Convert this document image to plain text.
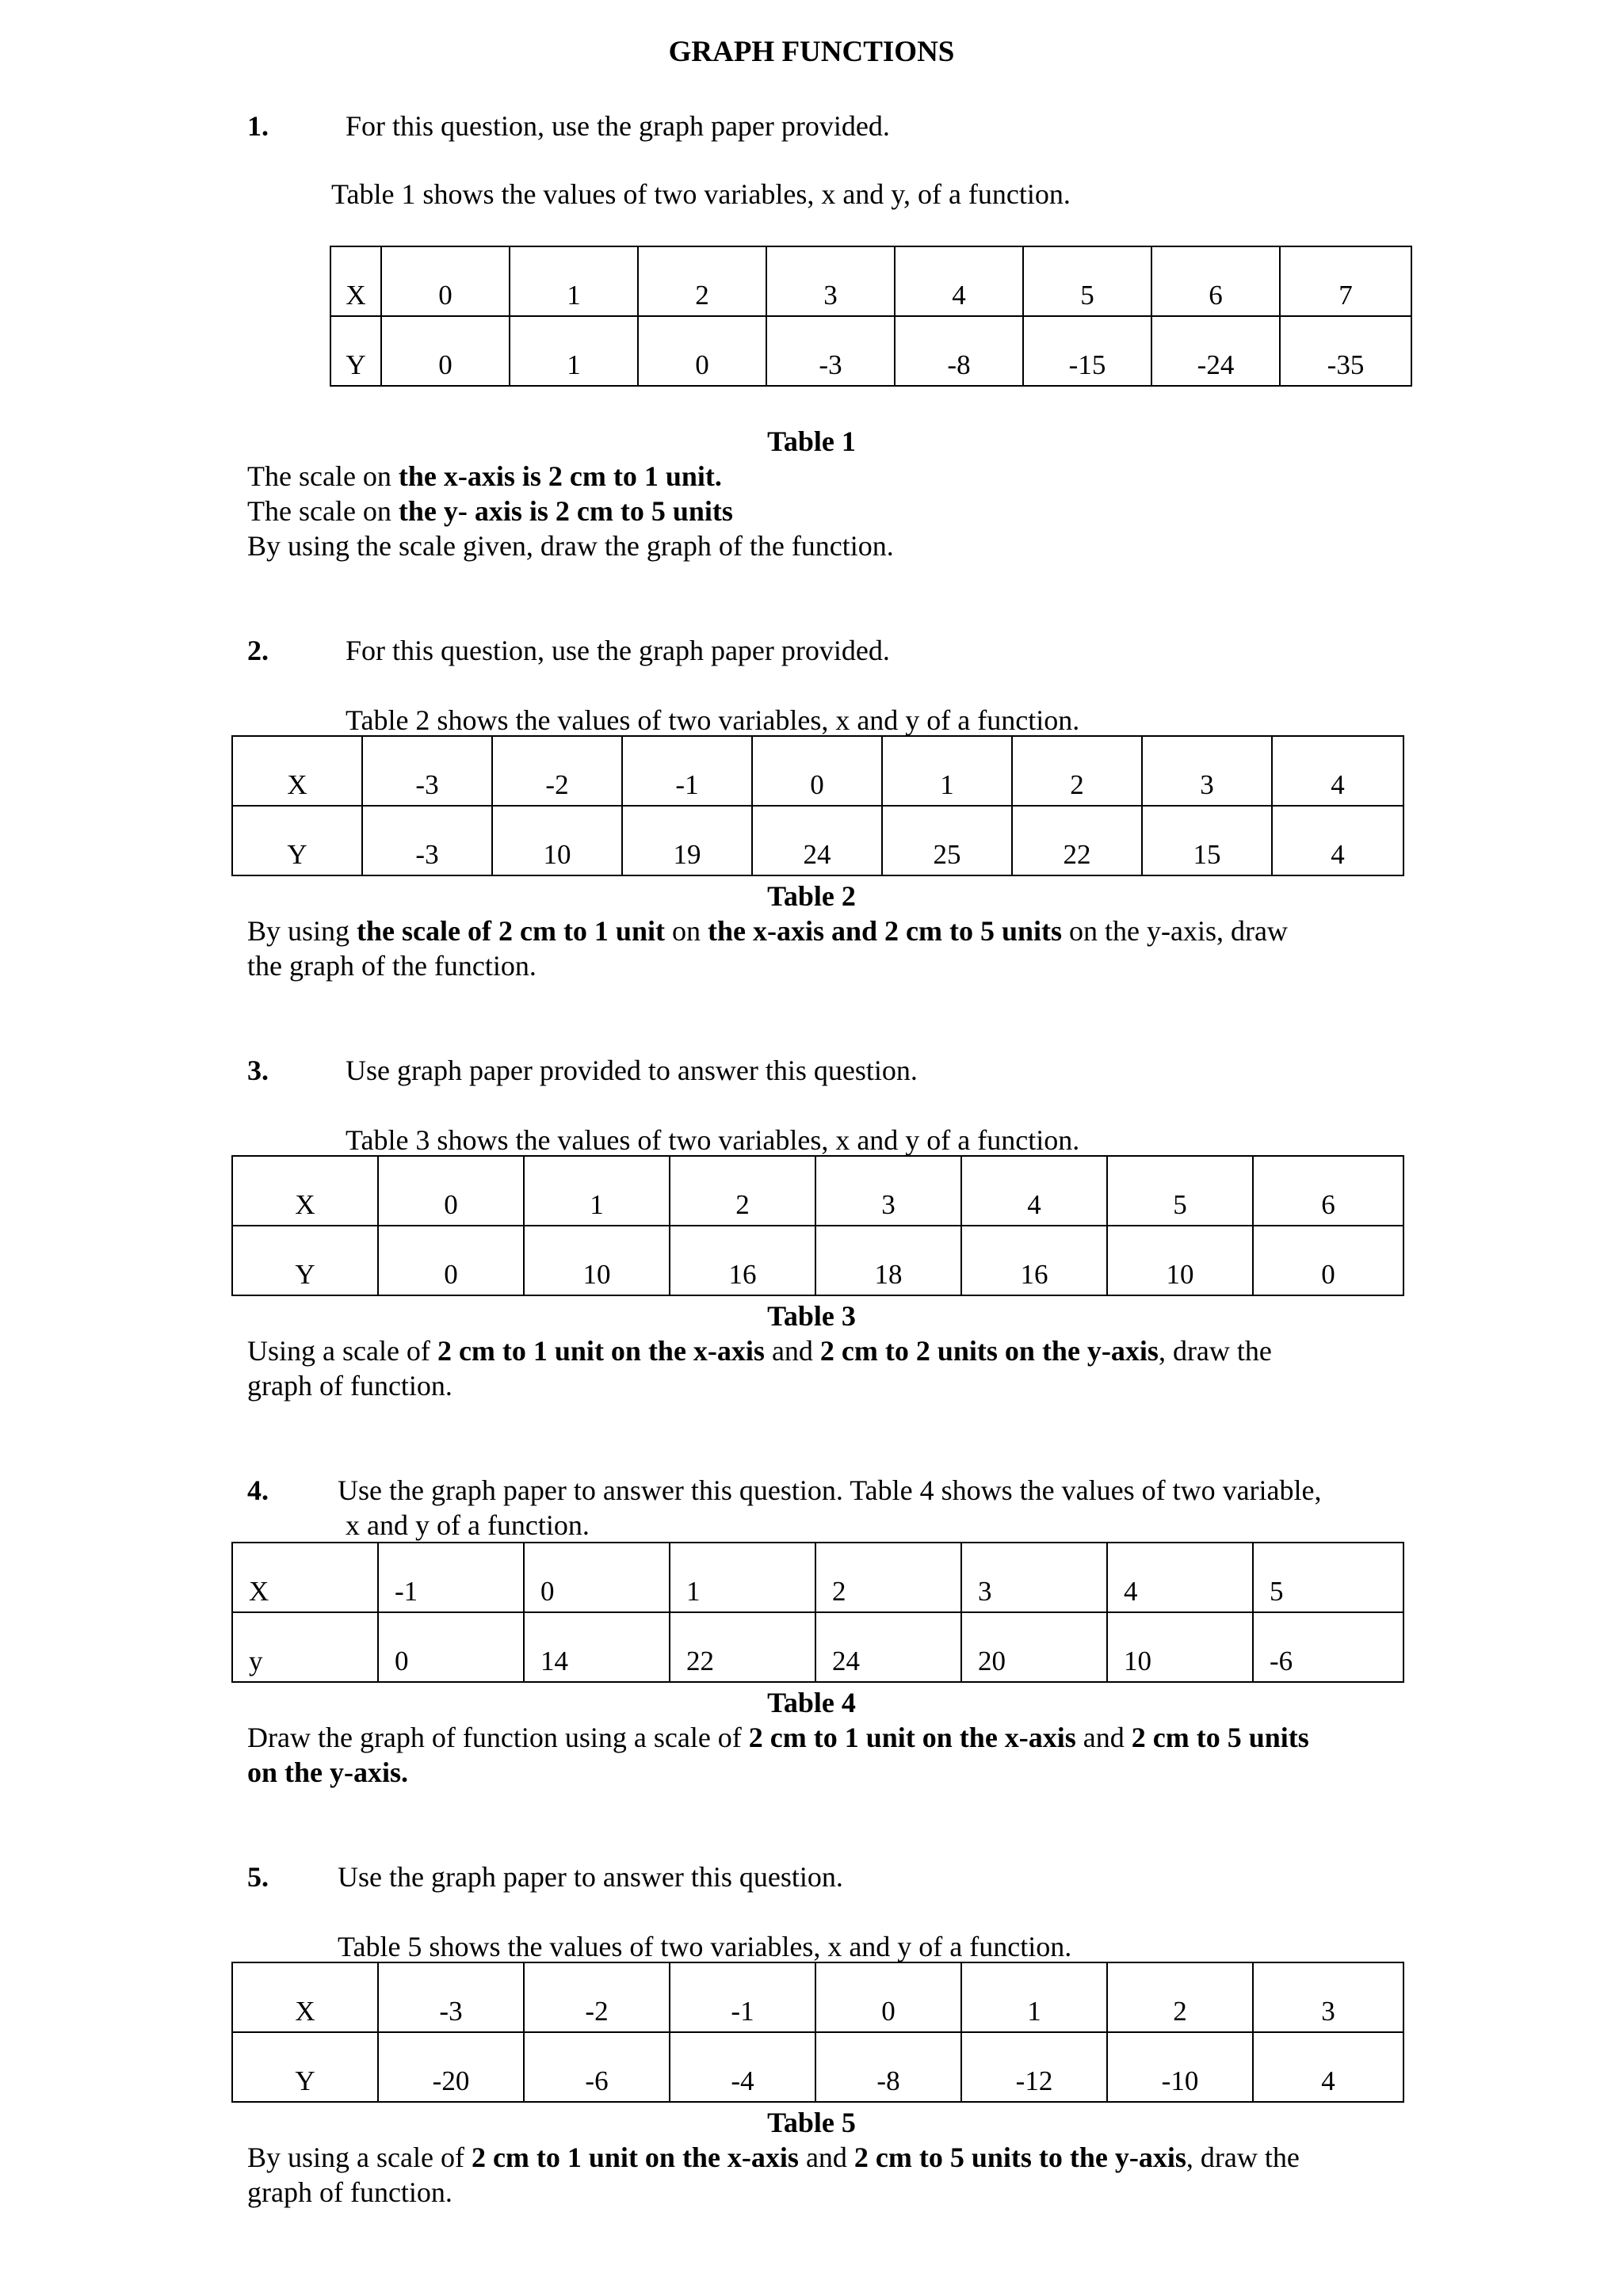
GRAPH FUNCTIONS
1.	For this question, use the graph paper provided.
Table 1 shows the values of two variables, x and y, of a function.
X	0	1	2	3	4	5	6	7

Y	0	1	0	-3	-8	-15	-24	-35
Table 1
The scale on the x-axis is 2 cm to 1 unit.
The scale on the y- axis is 2 cm to 5 units
By using the scale given, draw the graph of the function.
2.	For this question, use the graph paper provided.
Table 2 shows the values of two variables, x and y of a function.
X	-3	-2	-1	0	1	2	3	4

Y	-3	10	19	24	25	22	15	4
Table 2
By using the scale of 2 cm to 1 unit on the x-axis and 2 cm to 5 units on the y-axis, draw
the graph of the function.
3.	Use graph paper provided to answer this question.
Table 3 shows the values of two variables, x and y of a function.
X	0	1	2	3	4	5	6

Y	0	10	16	18	16	10	0
Table 3
Using a scale of 2 cm to 1 unit on the x-axis and 2 cm to 2 units on the y-axis, draw the
graph of function.
4. Use the graph paper to answer this question. Table 4 shows the values of two variable,
x and y of a function.
X	-1	0	1	2	3	4	5

y	0	14	22	24	20	10	-6
Table 4
Draw the graph of function using a scale of 2 cm to 1 unit on the x-axis and 2 cm to 5 units
on the y-axis.
5. Use the graph paper to answer this question.
Table 5 shows the values of two variables, x and y of a function.
X	-3	-2	-1	0	1	2	3

Y	-20	-6	-4	-8	-12	-10	4
Table 5
By using a scale of 2 cm to 1 unit on the x-axis and 2 cm to 5 units to the y-axis, draw the
graph of function.
